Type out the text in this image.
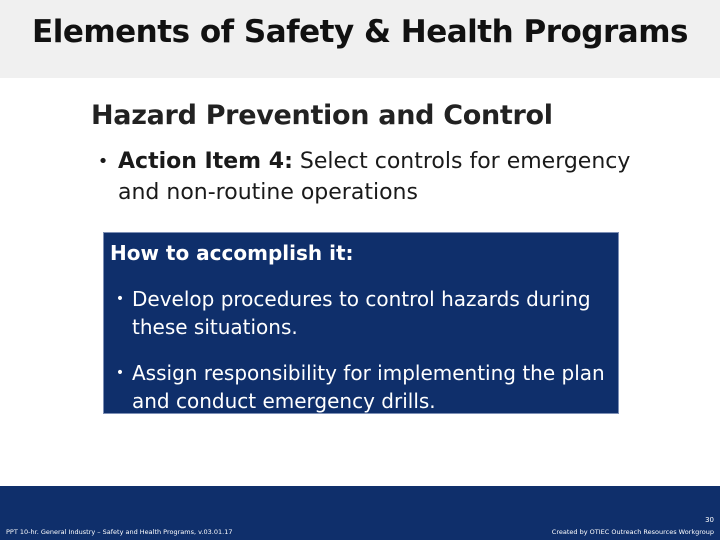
Elements of Safety & Health Programs
Hazard Prevention and Control
• Action Item 4: Select controls for emergency and non-routine operations
How to accomplish it:
• Develop procedures to control hazards during these situations.
• Assign responsibility for implementing the plan and conduct emergency drills.
PPT 10-hr. General Industry – Safety and Health Programs, v.03.01.17
30
Created by OTIEC Outreach Resources Workgroup
